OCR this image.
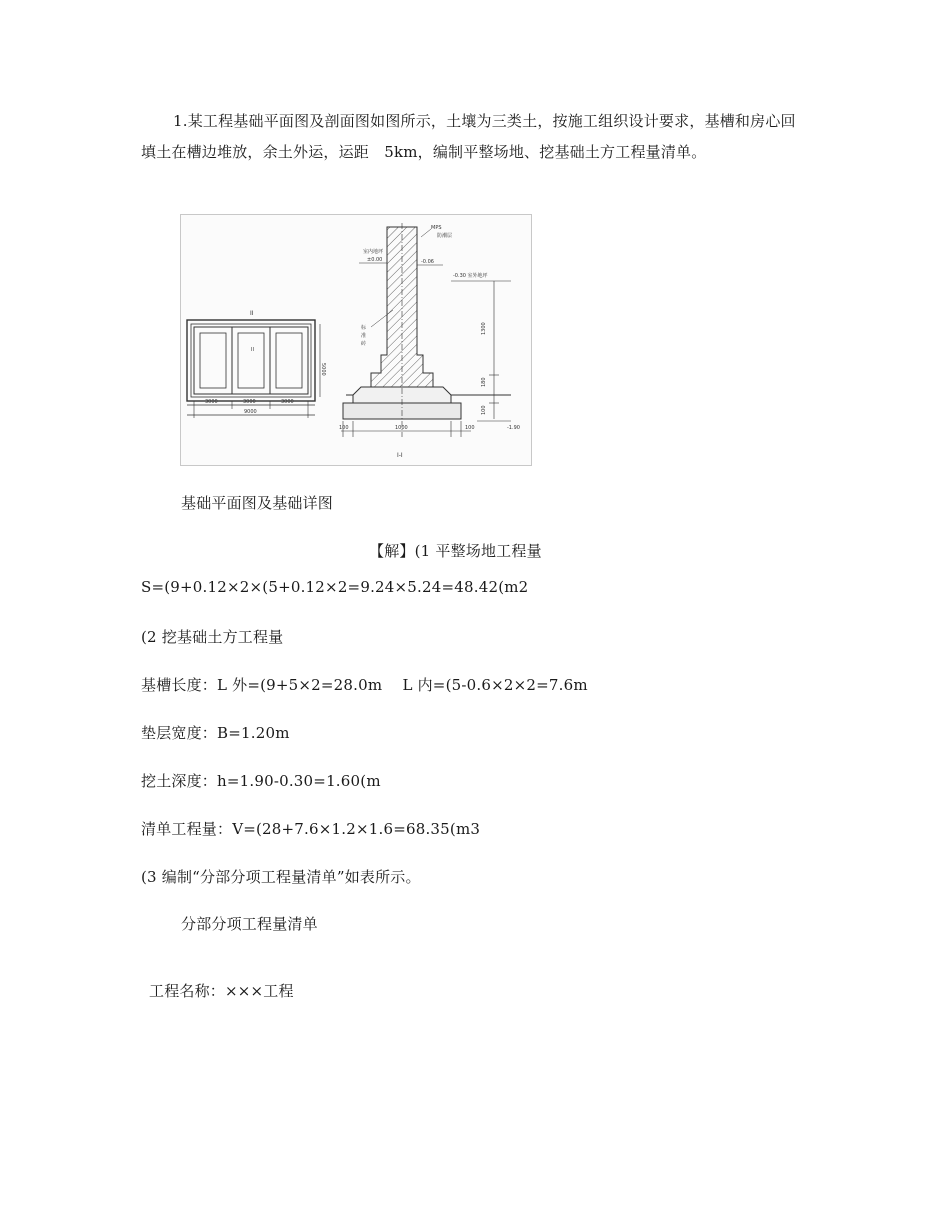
1.某工程基础平面图及剖面图如图所示，土壤为三类土，按施工组织设计要求，基槽和房心回填土在槽边堆放，余土外运，运距　5km，编制平整场地、挖基础土方工程量清单。
II
II
3000	3000	3000
9000
5000
MPS
防潮层
室内地坪
±0.00	-0.06
-0.30 室外地坪
标
准
砖
1300
180
100
100	1000	100	-1.90
I-I
基础平面图及基础详图
【解】(1 平整场地工程量
S=(9+0.12×2×(5+0.12×2=9.24×5.24=48.42(m2
(2 挖基础土方工程量
基槽长度：L 外=(9+5×2=28.0m　 L 内=(5-0.6×2×2=7.6m
垫层宽度：B=1.20m
挖土深度：h=1.90-0.30=1.60(m
清单工程量：V=(28+7.6×1.2×1.6=68.35(m3
(3 编制“分部分项工程量清单”如表所示。
分部分项工程量清单
工程名称：×××工程
